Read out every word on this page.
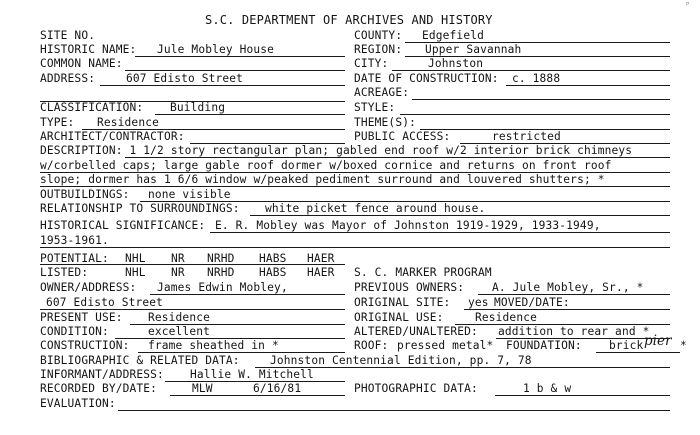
S.C. DEPARTMENT OF ARCHIVES AND HISTORY
ᵖ
SITE NO.	COUNTY: Edgefield
HISTORIC NAME: Jule Mobley House	REGION: Upper Savannah
COMMON NAME:	CITY:	Johnston
ADDRESS:	607 Edisto Street	DATE OF CONSTRUCTION: c. 1888
ACREAGE:
CLASSIFICATION: Building	STYLE:
TYPE: Residence	THEME(S):
ARCHITECT/CONTRACTOR:	PUBLIC ACCESS:	restricted
DESCRIPTION: 1 1/2 story rectangular plan; gabled end roof w/2 interior brick chimneys
w/corbelled caps; large gable roof dormer w/boxed cornice and returns on front roof
slope; dormer has 1 6/6 window w/peaked pediment surround and louvered shutters; *
OUTBUILDINGS: none visible
RELATIONSHIP TO SURROUNDINGS: white picket fence around house.
HISTORICAL SIGNIFICANCE: E. R. Mobley was Mayor of Johnston 1919-1929, 1933-1949,
1953-1961.
POTENTIAL: NHL NR NRHD HABS HAER
LISTED:	NHL NR NRHD HABS HAER S. C. MARKER PROGRAM
OWNER/ADDRESS: James Edwin Mobley,	PREVIOUS OWNERS: A. Jule Mobley, Sr., *
607 Edisto Street	ORIGINAL SITE: yes MOVED/DATE:
PRESENT USE: Residence	ORIGINAL USE:	Residence
CONDITION:	excellent	ALTERED/UNALTERED: addition to rear and *
CONSTRUCTION: frame sheathed in *	ROOF: pressed metal* FOUNDATION: brick pier *
BIBLIOGRAPHIC & RELATED DATA:	Johnston Centennial Edition, pp. 7, 78
INFORMANT/ADDRESS: Hallie W. Mitchell
RECORDED BY/DATE:	MLW	6/16/81	PHOTOGRAPHIC DATA:	1 b & w
EVALUATION:
